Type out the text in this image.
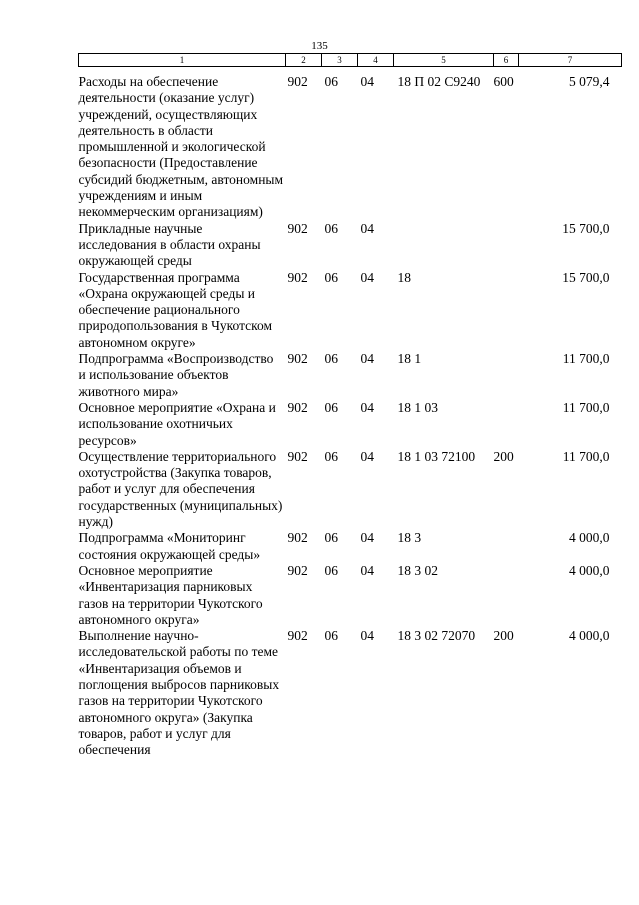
135
1	2	3	4	5	6	7
Расходы на обеспечение деятельности (оказание услуг) учреждений, осуществляющих деятельность в области промышленной и экологической безопасности (Предоставление субсидий бюджетным, автономным учреждениям и иным некоммерческим организациям)	902	06	04	18 П 02 С9240	600	5 079,4
Прикладные научные исследования в области охраны окружающей среды	902	06	04			15 700,0
Государственная программа «Охрана окружающей среды и обеспечение рационального природопользования в Чукотском автономном округе»	902	06	04	18		15 700,0
Подпрограмма «Воспроизводство и использование объектов животного мира»	902	06	04	18 1		11 700,0
Основное мероприятие «Охрана и использование охотничьих ресурсов»	902	06	04	18 1 03		11 700,0
Осуществление территориального охотустройства (Закупка товаров, работ и услуг для обеспечения государственных (муниципальных) нужд)	902	06	04	18 1 03 72100	200	11 700,0
Подпрограмма «Мониторинг состояния окружающей среды»	902	06	04	18 3		4 000,0
Основное мероприятие «Инвентаризация парниковых газов на территории Чукотского автономного округа»	902	06	04	18 3 02		4 000,0
Выполнение научно-исследовательской работы по теме «Инвентаризация объемов и поглощения выбросов парниковых газов на территории Чукотского автономного округа» (Закупка товаров, работ и услуг для обеспечения	902	06	04	18 3 02 72070	200	4 000,0
